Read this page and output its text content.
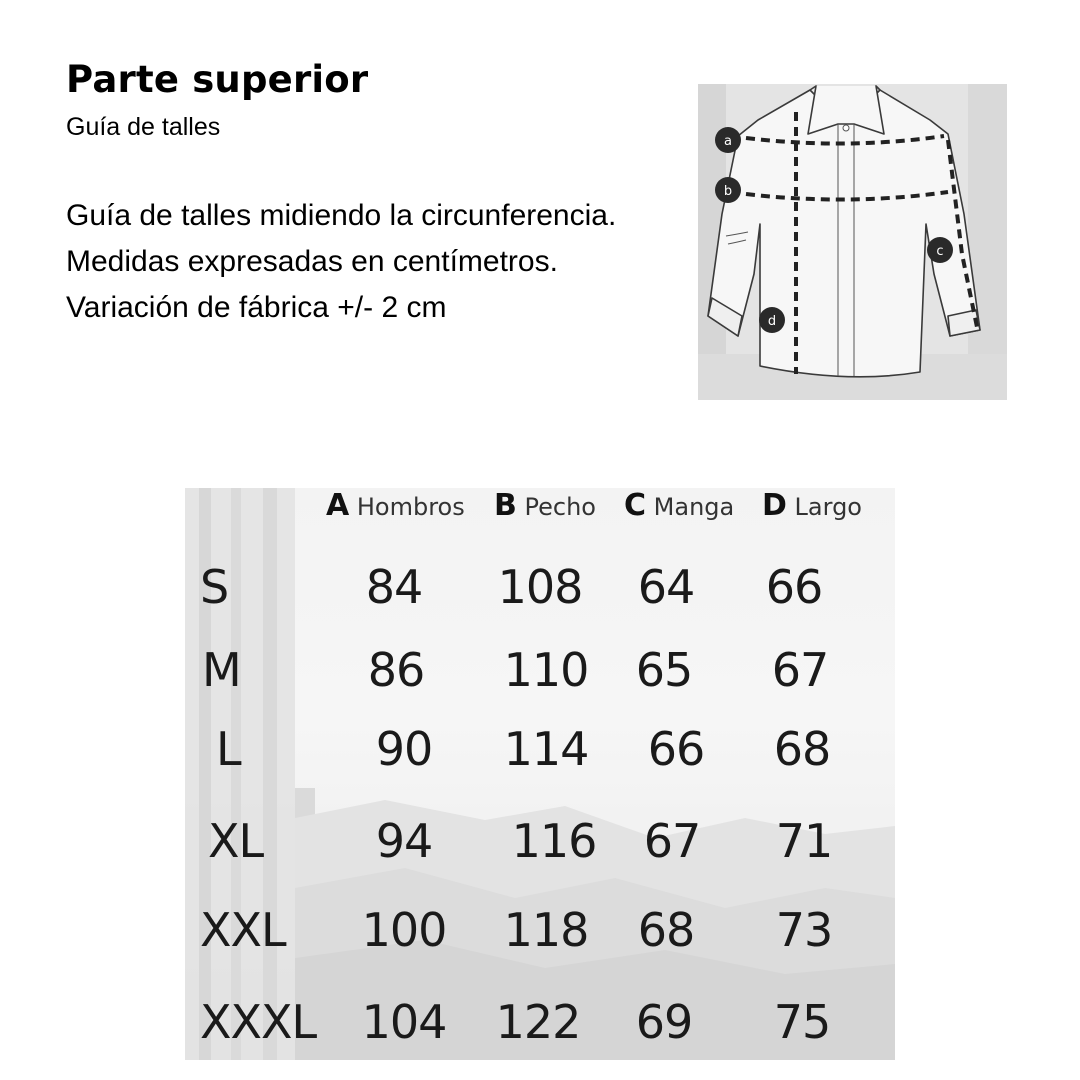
Parte superior

Guía de talles

Guía de talles midiendo la circunferencia.
Medidas expresadas en centímetros.
Variación de fábrica +/- 2 cm
a
b
c
d
A Hombros B Pecho C Manga D Largo
S	84 108 64 66
M	86 110 65 67
L	90 114 66 68
XL 94 116 67 71
XXL 100 118 68 73
XXXL 104 122 69 75
